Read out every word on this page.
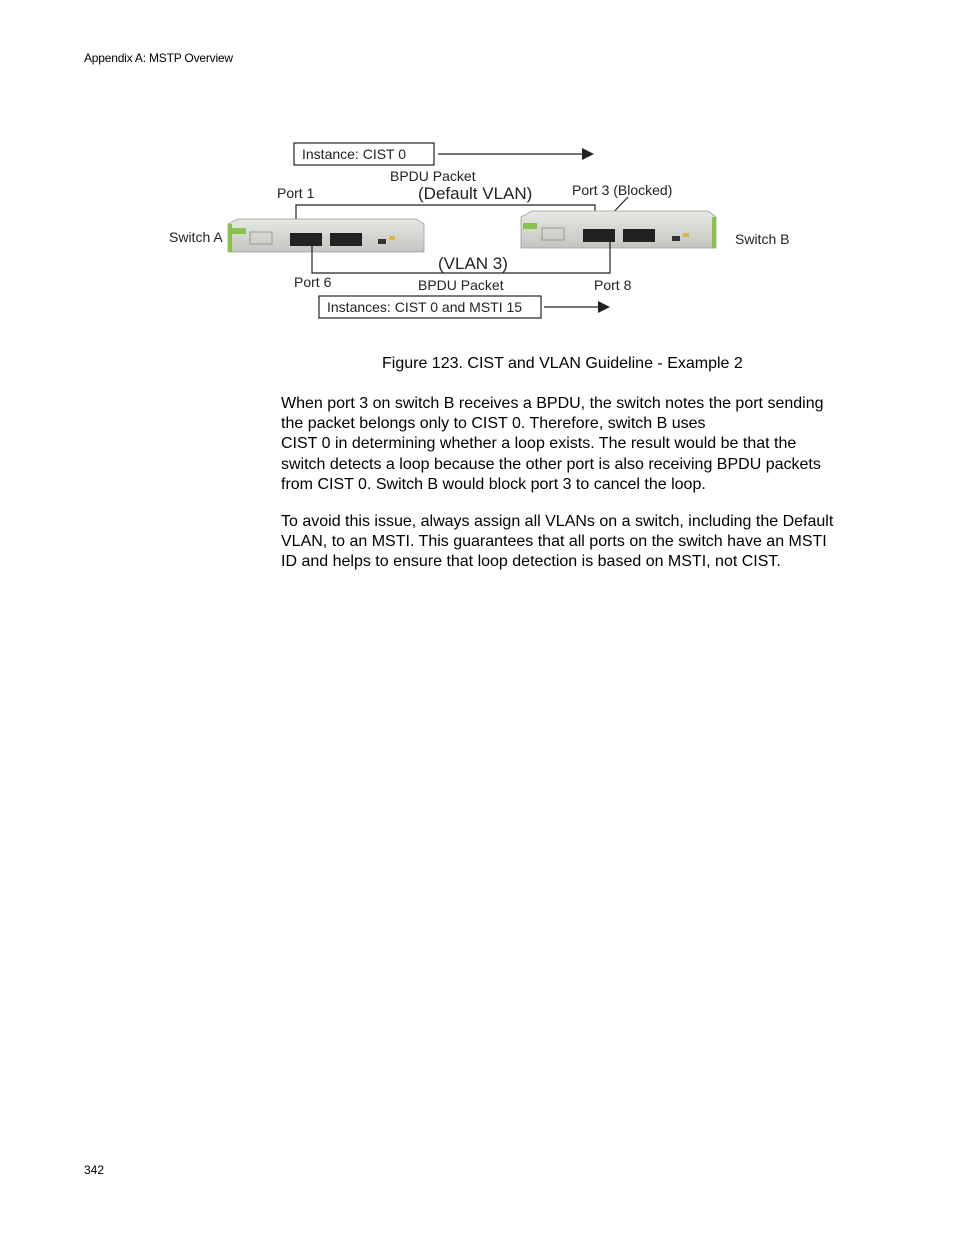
Appendix A: MSTP Overview
Instance: CIST 0
BPDU Packet
(Default VLAN)
Port 1	Port 3 (Blocked)
Switch A	Switch B
(VLAN 3)
Port 6	BPDU Packet	Port 8
Instances: CIST 0 and MSTI 15
Figure 123. CIST and VLAN Guideline - Example 2

When port 3 on switch B receives a BPDU, the switch notes the port sending
the packet belongs only to CIST 0. Therefore, switch B uses
CIST 0 in determining whether a loop exists. The result would be that the
switch detects a loop because the other port is also receiving BPDU packets
from CIST 0. Switch B would block port 3 to cancel the loop.

To avoid this issue, always assign all VLANs on a switch, including the Default
VLAN, to an MSTI. This guarantees that all ports on the switch have an MSTI
ID and helps to ensure that loop detection is based on MSTI, not CIST.

342
